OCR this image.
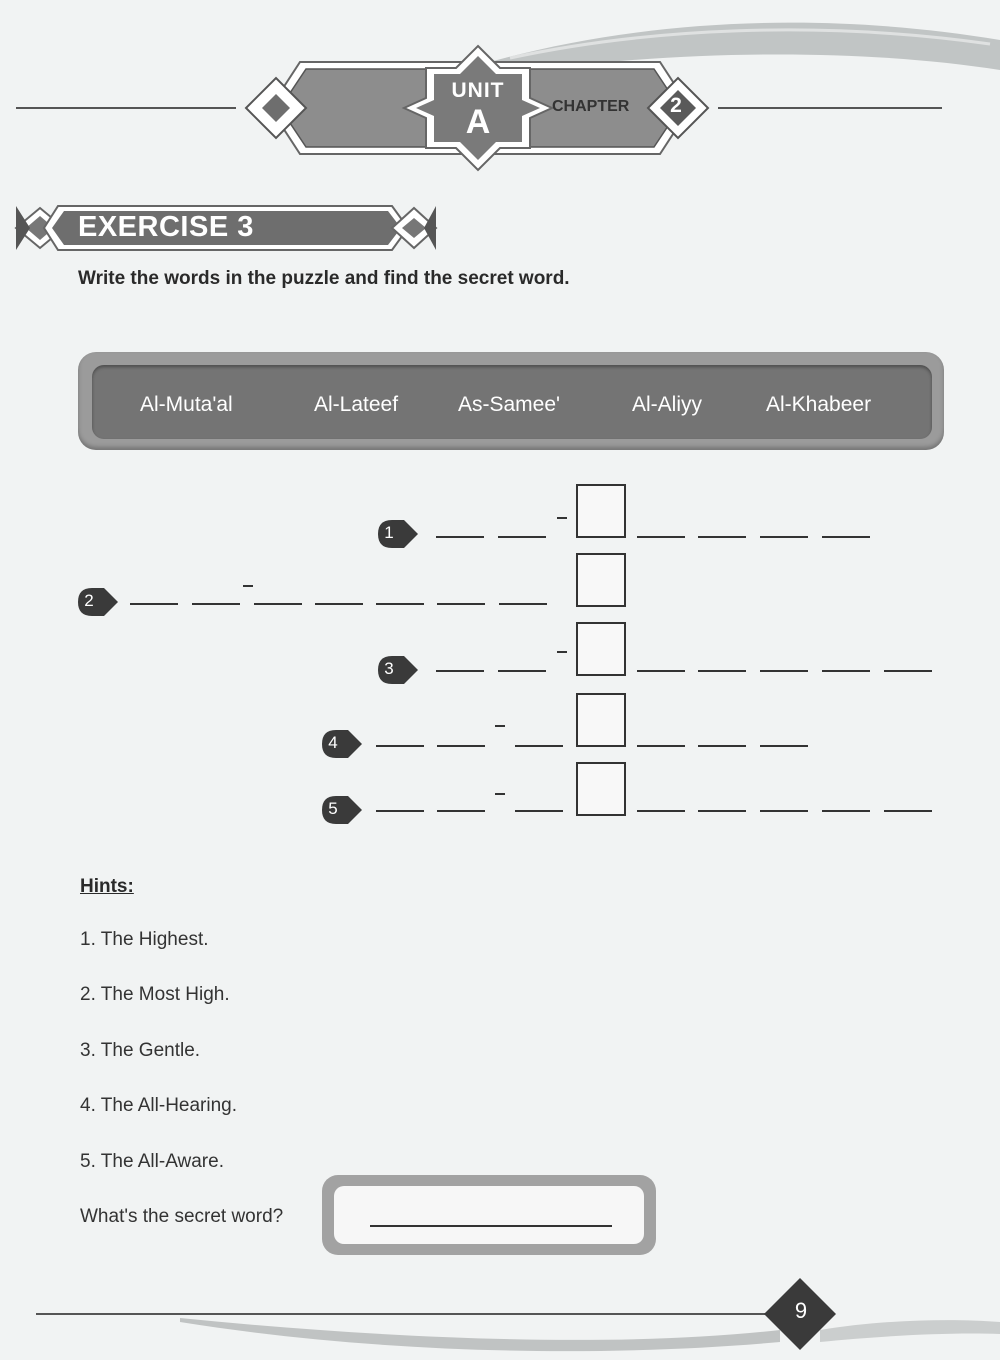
UNIT
A	CHAPTER	2
EXERCISE 3
Write the words in the puzzle and find the secret word.
Al-Muta'al	Al-Lateef	As-Samee'	Al-Aliyy	Al-Khabeer
1
2
3
4
5
Hints:
1. The Highest.
2. The Most High.
3. The Gentle.
4. The All-Hearing.
5. The All-Aware.
What's the secret word?
9
